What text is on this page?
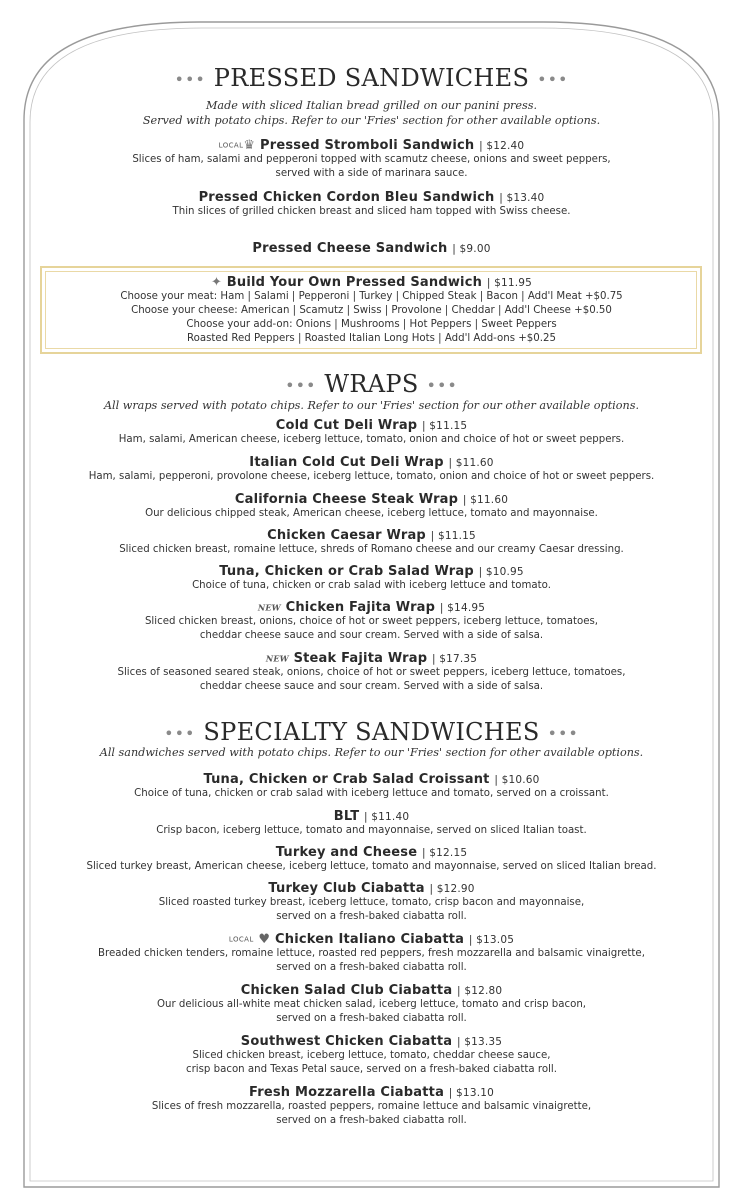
••• PRESSED SANDWICHES •••
Made with sliced Italian bread grilled on our panini press.
Served with potato chips. Refer to our 'Fries' section for other available options.
LOCAL♛ Pressed Stromboli Sandwich | $12.40
Slices of ham, salami and pepperoni topped with scamutz cheese, onions and sweet peppers,
served with a side of marinara sauce.
Pressed Chicken Cordon Bleu Sandwich | $13.40
Thin slices of grilled chicken breast and sliced ham topped with Swiss cheese.
Pressed Cheese Sandwich | $9.00
✦ Build Your Own Pressed Sandwich | $11.95
Choose your meat: Ham | Salami | Pepperoni | Turkey | Chipped Steak | Bacon | Add'l Meat +$0.75
Choose your cheese: American | Scamutz | Swiss | Provolone | Cheddar | Add'l Cheese +$0.50
Choose your add-on: Onions | Mushrooms | Hot Peppers | Sweet Peppers
Roasted Red Peppers | Roasted Italian Long Hots | Add'l Add-ons +$0.25
••• WRAPS •••
All wraps served with potato chips. Refer to our 'Fries' section for our other available options.
Cold Cut Deli Wrap | $11.15
Ham, salami, American cheese, iceberg lettuce, tomato, onion and choice of hot or sweet peppers.
Italian Cold Cut Deli Wrap | $11.60
Ham, salami, pepperoni, provolone cheese, iceberg lettuce, tomato, onion and choice of hot or sweet peppers.
California Cheese Steak Wrap | $11.60
Our delicious chipped steak, American cheese, iceberg lettuce, tomato and mayonnaise.
Chicken Caesar Wrap | $11.15
Sliced chicken breast, romaine lettuce, shreds of Romano cheese and our creamy Caesar dressing.
Tuna, Chicken or Crab Salad Wrap | $10.95
Choice of tuna, chicken or crab salad with iceberg lettuce and tomato.
NEW Chicken Fajita Wrap | $14.95
Sliced chicken breast, onions, choice of hot or sweet peppers, iceberg lettuce, tomatoes,
cheddar cheese sauce and sour cream. Served with a side of salsa.
NEW Steak Fajita Wrap | $17.35
Slices of seasoned seared steak, onions, choice of hot or sweet peppers, iceberg lettuce, tomatoes,
cheddar cheese sauce and sour cream. Served with a side of salsa.
••• SPECIALTY SANDWICHES •••
All sandwiches served with potato chips. Refer to our 'Fries' section for other available options.
Tuna, Chicken or Crab Salad Croissant | $10.60
Choice of tuna, chicken or crab salad with iceberg lettuce and tomato, served on a croissant.
BLT | $11.40
Crisp bacon, iceberg lettuce, tomato and mayonnaise, served on sliced Italian toast.
Turkey and Cheese | $12.15
Sliced turkey breast, American cheese, iceberg lettuce, tomato and mayonnaise, served on sliced Italian bread.
Turkey Club Ciabatta | $12.90
Sliced roasted turkey breast, iceberg lettuce, tomato, crisp bacon and mayonnaise,
served on a fresh-baked ciabatta roll.
LOCAL ♥ Chicken Italiano Ciabatta | $13.05
Breaded chicken tenders, romaine lettuce, roasted red peppers, fresh mozzarella and balsamic vinaigrette,
served on a fresh-baked ciabatta roll.
Chicken Salad Club Ciabatta | $12.80
Our delicious all-white meat chicken salad, iceberg lettuce, tomato and crisp bacon,
served on a fresh-baked ciabatta roll.
Southwest Chicken Ciabatta | $13.35
Sliced chicken breast, iceberg lettuce, tomato, cheddar cheese sauce,
crisp bacon and Texas Petal sauce, served on a fresh-baked ciabatta roll.
Fresh Mozzarella Ciabatta | $13.10
Slices of fresh mozzarella, roasted peppers, romaine lettuce and balsamic vinaigrette,
served on a fresh-baked ciabatta roll.
